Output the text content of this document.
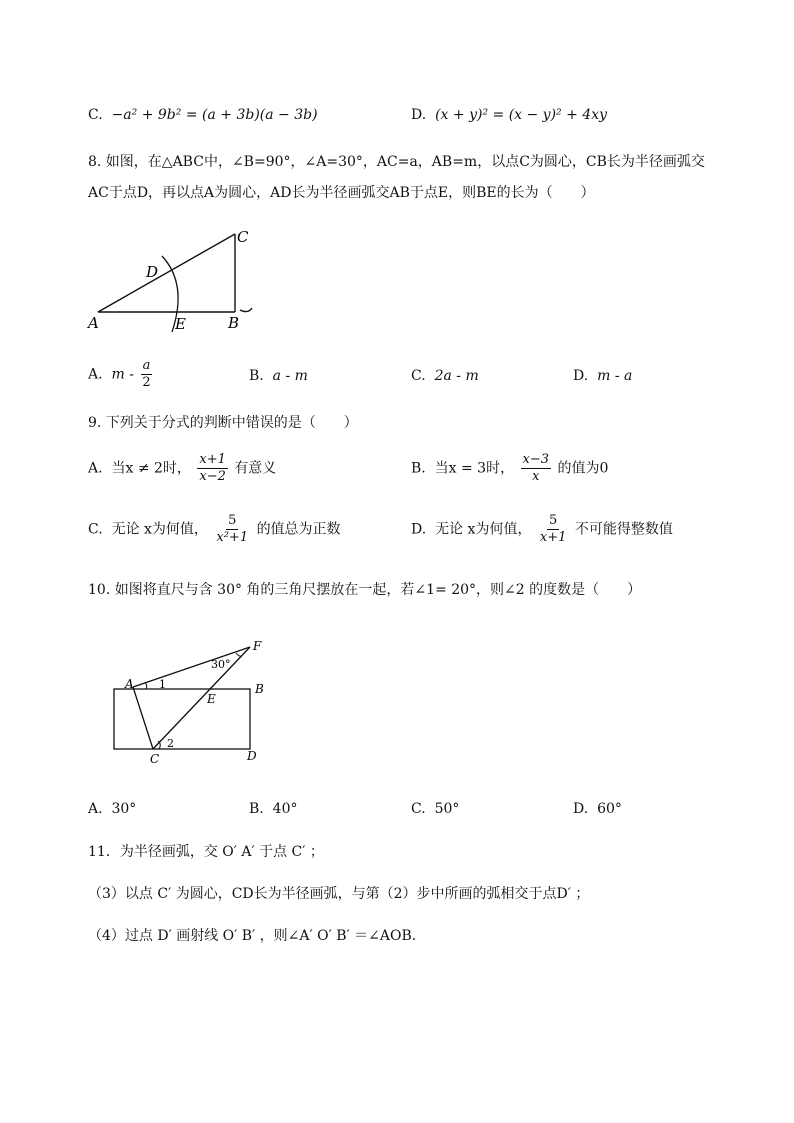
C. −a² + 9b² = (a + 3b)(a − 3b)	D. (x + y)² = (x − y)² + 4xy
8. 如图，在△ABC中，∠B=90°，∠A=30°，AC=a，AB=m，以点C为圆心，CB长为半径画弧交
AC于点D，再以点A为圆心，AD长为半径画弧交AB于点E，则BE的长为（　　）
A	B
C
D
E
A. m - $\frac{a}{2}$	B. a - m	C. 2a - m	D. m - a
9. 下列关于分式的判断中错误的是（　　）
A. 当x ≠ 2时， $\frac{x+1}{x-2}$ 有意义	B. 当x = 3时， $\frac{x-3}{x}$ 的值为0
C. 无论 x为何值， $\frac{5}{\text{x²+1}}$ 的值总为正数	D. 无论 x为何值， $\frac{5}{x+1}$ 不可能得整数值
10. 如图将直尺与含 30° 角的三角尺摆放在一起，若∠1= 20°，则∠2 的度数是（　　）
A	B
C	D
E
F
30°
1
2
A. 30°	B. 40°	C. 50°	D. 60°
11．为半径画弧，交 O′ A′ 于点 C′ ；
（3）以点 C′ 为圆心，CD长为半径画弧，与第（2）步中所画的弧相交于点D′ ；
（4）过点 D′ 画射线 O′ B′ ，则∠A′ O′ B′ ＝∠AOB．
